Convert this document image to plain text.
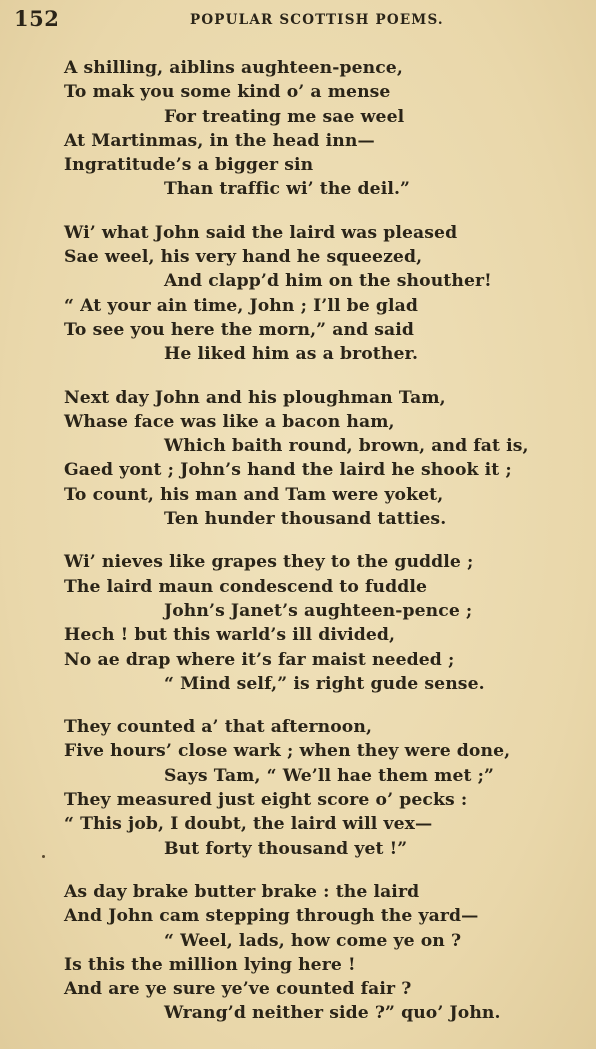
152	POPULAR SCOTTISH POEMS.
A shilling, aiblins aughteen-pence,
To mak you some kind o’ a mense
For treating me sae weel
At Martinmas, in the head inn—
Ingratitude’s a bigger sin
Than traffic wi’ the deil.”
Wi’ what John said the laird was pleased
Sae weel, his very hand he squeezed,
And clapp’d him on the shouther!
“ At your ain time, John ; I’ll be glad
To see you here the morn,” and said
He liked him as a brother.
Next day John and his ploughman Tam,
Whase face was like a bacon ham,
Which baith round, brown, and fat is,
Gaed yont ; John’s hand the laird he shook it ;
To count, his man and Tam were yoket,
Ten hunder thousand tatties.
Wi’ nieves like grapes they to the guddle ;
The laird maun condescend to fuddle
John’s Janet’s aughteen-pence ;
Hech ! but this warld’s ill divided,
No ae drap where it’s far maist needed ;
“ Mind self,” is right gude sense.
They counted a’ that afternoon,
Five hours’ close wark ; when they were done,
Says Tam, “ We’ll hae them met ;”
They measured just eight score o’ pecks :
“ This job, I doubt, the laird will vex—
But forty thousand yet !”
As day brake butter brake : the laird
And John cam stepping through the yard—
“ Weel, lads, how come ye on ?
Is this the million lying here !
And are ye sure ye’ve counted fair ?
Wrang’d neither side ?” quo’ John.
